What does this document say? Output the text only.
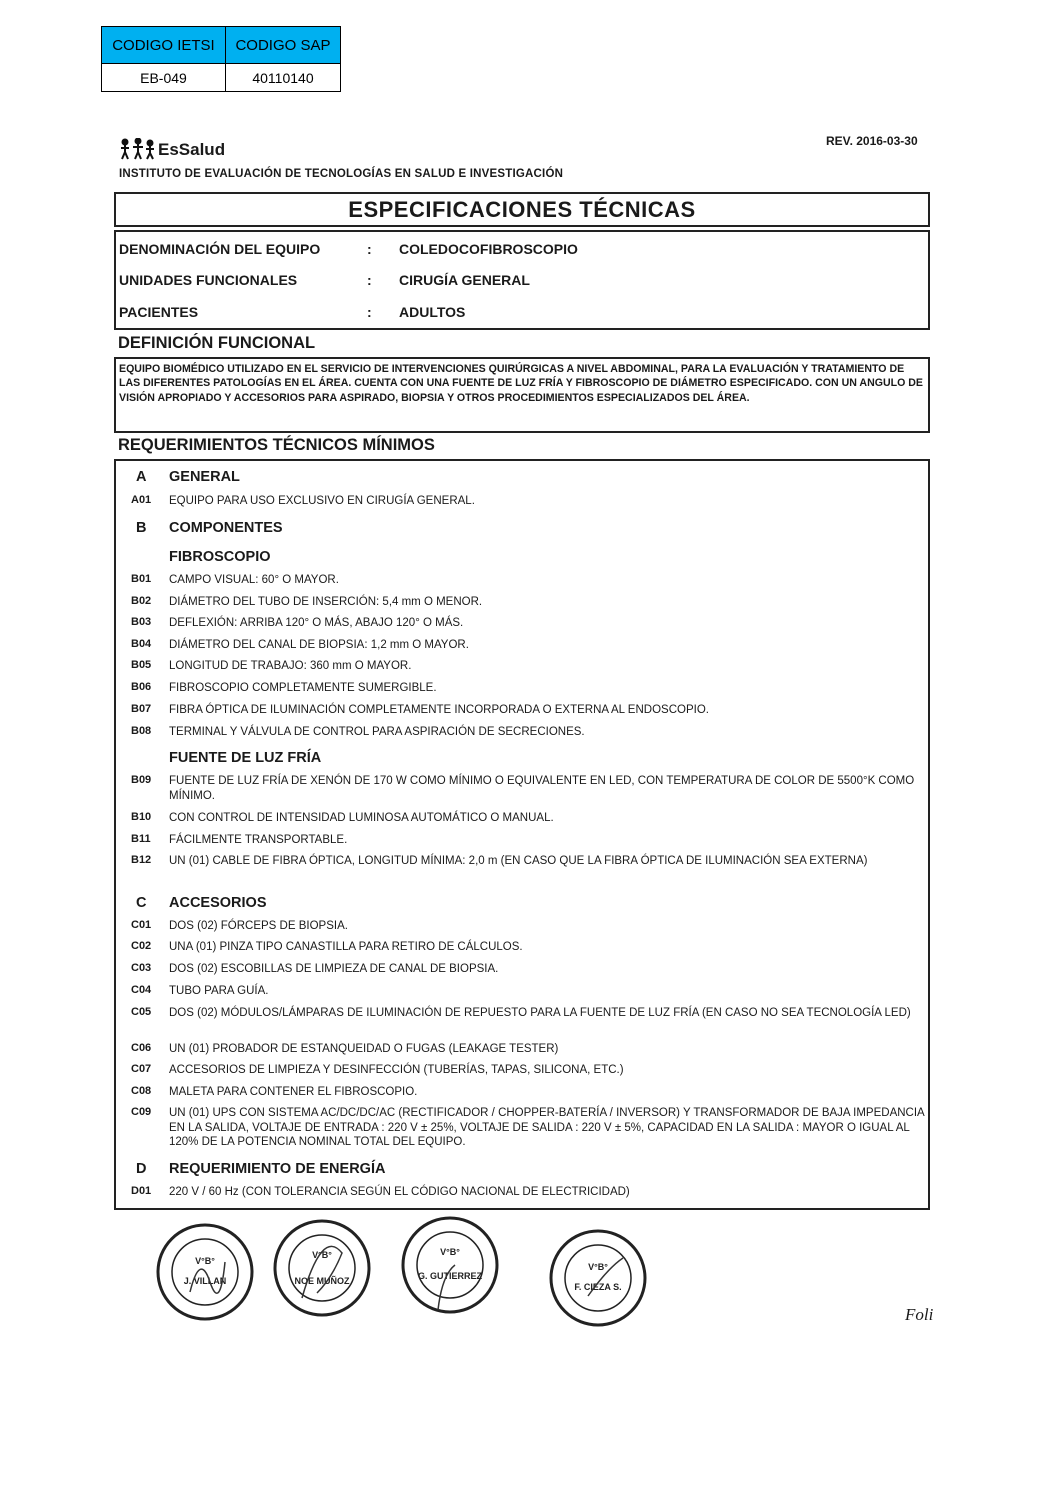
CODIGO IETSI	CODIGO SAP
EB-049	40110140
EsSalud
INSTITUTO DE EVALUACIÓN DE TECNOLOGÍAS EN SALUD E INVESTIGACIÓN
REV. 2016-03-30
ESPECIFICACIONES TÉCNICAS
DENOMINACIÓN DEL EQUIPO	: COLEDOCOFIBROSCOPIO
UNIDADES FUNCIONALES	: CIRUGÍA GENERAL
PACIENTES	: ADULTOS
DEFINICIÓN FUNCIONAL
EQUIPO BIOMÉDICO UTILIZADO EN EL SERVICIO DE INTERVENCIONES QUIRÚRGICAS A NIVEL ABDOMINAL, PARA LA EVALUACIÓN Y TRATAMIENTO DE LAS DIFERENTES PATOLOGÍAS EN EL ÁREA. CUENTA CON UNA FUENTE DE LUZ FRÍA Y FIBROSCOPIO DE DIÁMETRO ESPECIFICADO. CON UN ANGULO DE VISIÓN APROPIADO Y ACCESORIOS PARA ASPIRADO, BIOPSIA Y OTROS PROCEDIMIENTOS ESPECIALIZADOS DEL ÁREA.
REQUERIMIENTOS TÉCNICOS MÍNIMOS
A GENERAL
A01 EQUIPO PARA USO EXCLUSIVO EN CIRUGÍA GENERAL.
B COMPONENTES
FIBROSCOPIO
B01 CAMPO VISUAL: 60° O MAYOR.
B02 DIÁMETRO DEL TUBO DE INSERCIÓN: 5,4 mm O MENOR.
B03 DEFLEXIÓN: ARRIBA 120° O MÁS, ABAJO 120° O MÁS.
B04 DIÁMETRO DEL CANAL DE BIOPSIA: 1,2 mm O MAYOR.
B05 LONGITUD DE TRABAJO: 360 mm O MAYOR.
B06 FIBROSCOPIO COMPLETAMENTE SUMERGIBLE.
B07 FIBRA ÓPTICA DE ILUMINACIÓN COMPLETAMENTE INCORPORADA O EXTERNA AL ENDOSCOPIO.
B08 TERMINAL Y VÁLVULA DE CONTROL PARA ASPIRACIÓN DE SECRECIONES.
FUENTE DE LUZ FRÍA
B09 FUENTE DE LUZ FRÍA DE XENÓN DE 170 W COMO MÍNIMO O EQUIVALENTE EN LED, CON TEMPERATURA DE COLOR DE 5500°K COMO MÍNIMO.
B10 CON CONTROL DE INTENSIDAD LUMINOSA AUTOMÁTICO O MANUAL.
B11 FÁCILMENTE TRANSPORTABLE.
B12 UN (01) CABLE DE FIBRA ÓPTICA, LONGITUD MÍNIMA: 2,0 m (EN CASO QUE LA FIBRA ÓPTICA DE ILUMINACIÓN SEA EXTERNA)
C ACCESORIOS
C01 DOS (02) FÓRCEPS DE BIOPSIA.
C02 UNA (01) PINZA TIPO CANASTILLA PARA RETIRO DE CÁLCULOS.
C03 DOS (02) ESCOBILLAS DE LIMPIEZA DE CANAL DE BIOPSIA.
C04 TUBO PARA GUÍA.
C05 DOS (02) MÓDULOS/LÁMPARAS DE ILUMINACIÓN DE REPUESTO PARA LA FUENTE DE LUZ FRÍA (EN CASO NO SEA TECNOLOGÍA LED)
C06 UN (01) PROBADOR DE ESTANQUEIDAD O FUGAS (LEAKAGE TESTER)
C07 ACCESORIOS DE LIMPIEZA Y DESINFECCIÓN (TUBERÍAS, TAPAS, SILICONA, ETC.)
C08 MALETA PARA CONTENER EL FIBROSCOPIO.
C09 UN (01) UPS CON SISTEMA AC/DC/DC/AC (RECTIFICADOR / CHOPPER-BATERÍA / INVERSOR) Y TRANSFORMADOR DE BAJA IMPEDANCIA EN LA SALIDA, VOLTAJE DE ENTRADA : 220 V ± 25%, VOLTAJE DE SALIDA : 220 V ± 5%, CAPACIDAD EN LA SALIDA : MAYOR O IGUAL AL 120% DE LA POTENCIA NOMINAL TOTAL DEL EQUIPO.
D REQUERIMIENTO DE ENERGÍA
D01 220 V / 60 Hz (CON TOLERANCIA SEGÚN EL CÓDIGO NACIONAL DE ELECTRICIDAD)
V°B°
J. VILLAN
V°B°
NOE MUÑOZ
V°B°
G. GUTIERREZ
V°B°
F. CIEZA S.
Foli
